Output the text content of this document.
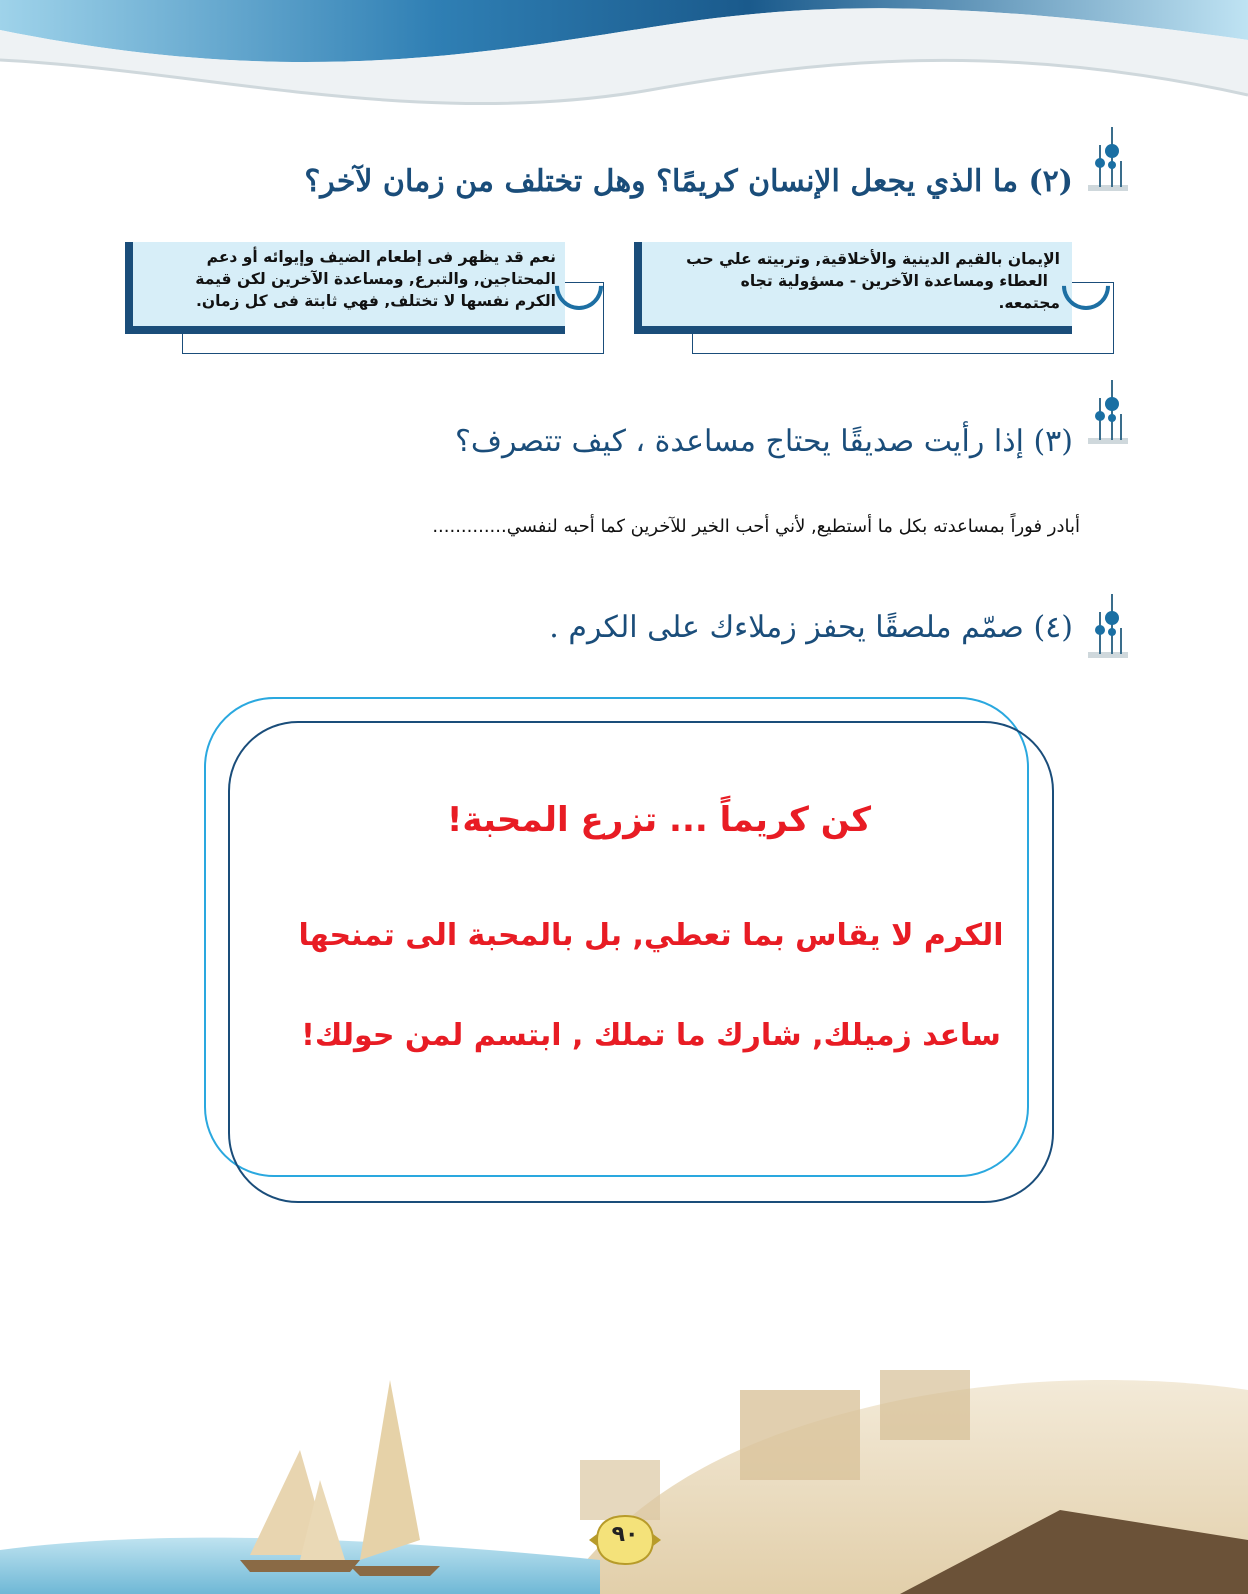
(٢) ما الذي يجعل الإنسان كريمًا؟ وهل تختلف من زمان لآخر؟
نعم قد يظهر فى إطعام الضيف وإيوائه أو دعم
المحتاجين, والتبرع, ومساعدة الآخرين لكن قيمة
الكرم نفسها لا تختلف, فهي ثابتة فى كل زمان.
الإيمان بالقيم الدينية والأخلاقية, وتربيته علي حب
العطاء ومساعدة الآخرين - مسؤولية تجاه
مجتمعه.
(٣) إذا رأيت صديقًا يحتاج مساعدة ، كيف تتصرف؟
أبادر فوراً بمساعدته بكل ما أستطيع, لأني أحب الخير للآخرين كما أحبه لنفسي.............
(٤) صمّم ملصقًا يحفز زملاءك على الكرم .
كن كريماً ... تزرع المحبة!
الكرم لا يقاس بما تعطي, بل بالمحبة الى تمنحها
ساعد زميلك, شارك ما تملك , ابتسم لمن حولك!
٩٠
